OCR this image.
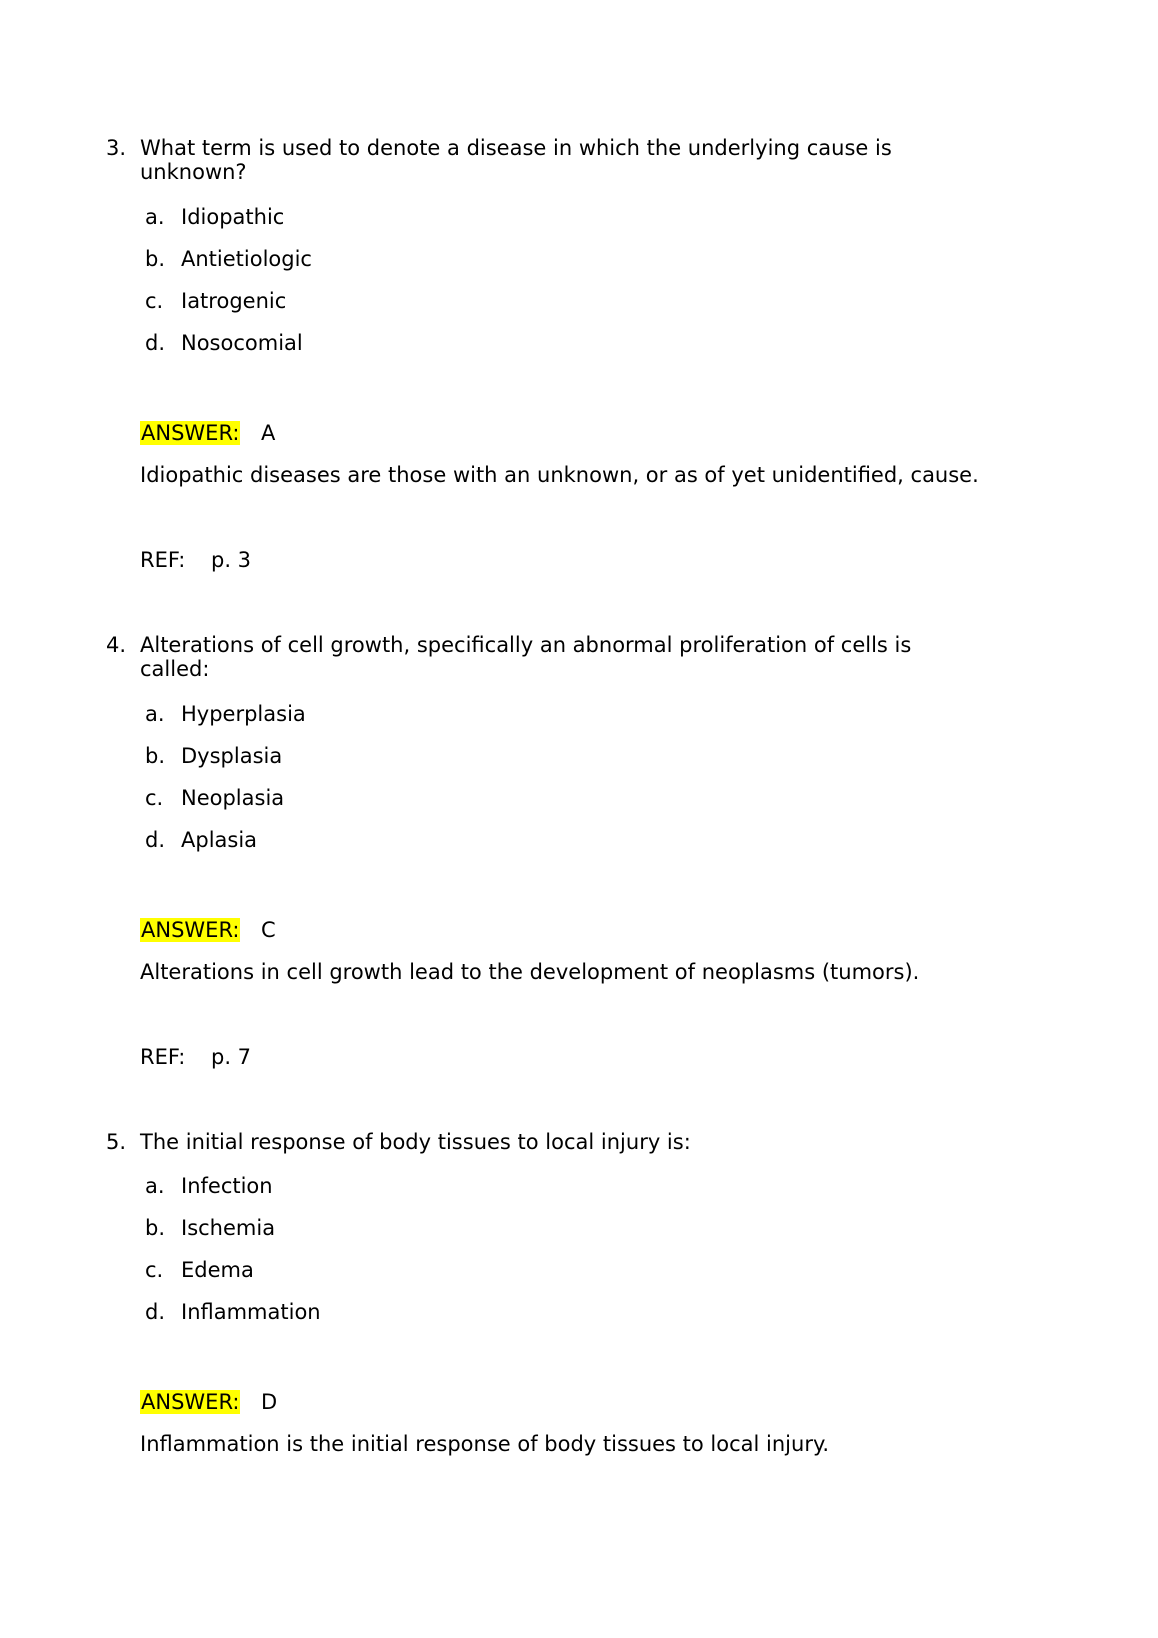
3. What term is used to denote a disease in which the underlying cause is unknown?
a. Idiopathic
b. Antietiologic
c. Iatrogenic
d. Nosocomial
ANSWER: A
Idiopathic diseases are those with an unknown, or as of yet unidentified, cause.
REF: p. 3
4. Alterations of cell growth, specifically an abnormal proliferation of cells is called:
a. Hyperplasia
b. Dysplasia
c. Neoplasia
d. Aplasia
ANSWER: C
Alterations in cell growth lead to the development of neoplasms (tumors).
REF: p. 7
5. The initial response of body tissues to local injury is:
a. Infection
b. Ischemia
c. Edema
d. Inflammation
ANSWER: D
Inflammation is the initial response of body tissues to local injury.
